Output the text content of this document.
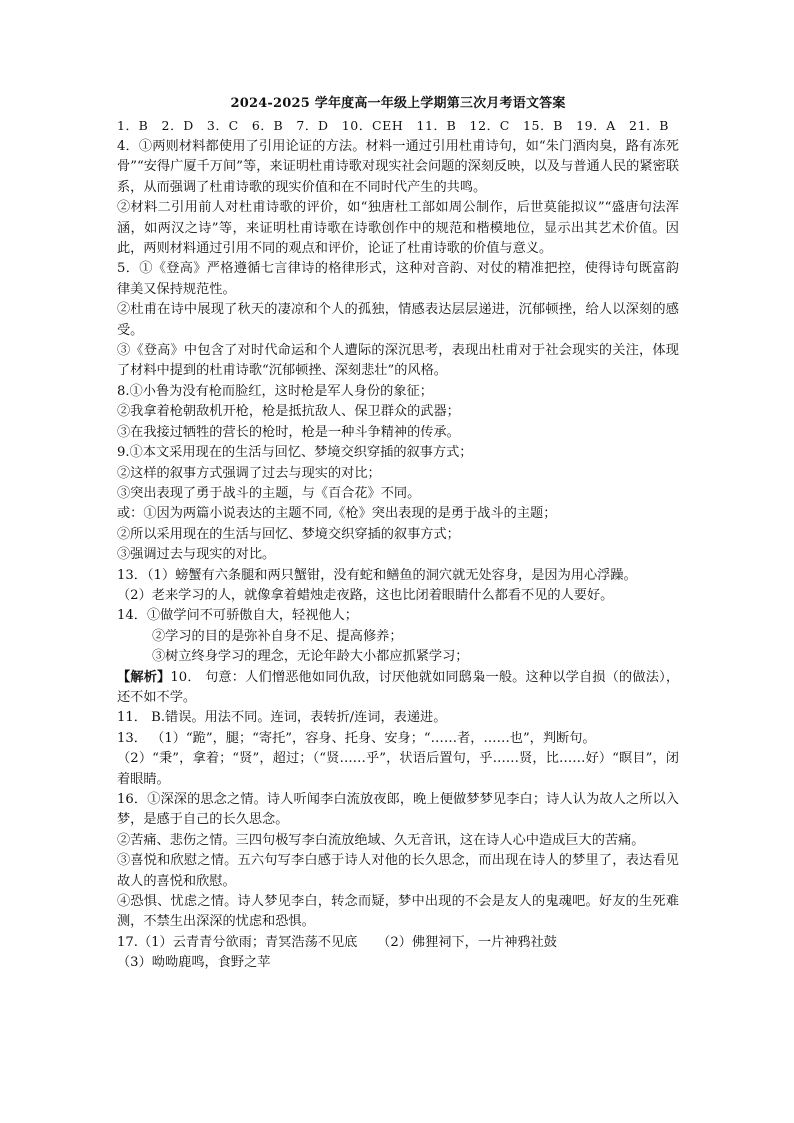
2024-2025 学年度高一年级上学期第三次月考语文答案
1．B　2．D　3．C　6．B　7．D　10．CEH　11．B　12．C　15．B　19．A　21．B

4．①两则材料都使用了引用论证的方法。材料一通过引用杜甫诗句，如“朱门酒肉臭，路有冻死骨”“安得广厦千万间”等，来证明杜甫诗歌对现实社会问题的深刻反映，以及与普通人民的紧密联系，从而强调了杜甫诗歌的现实价值和在不同时代产生的共鸣。

②材料二引用前人对杜甫诗歌的评价，如“独唐杜工部如周公制作，后世莫能拟议”“盛唐句法浑涵，如两汉之诗”等，来证明杜甫诗歌在诗歌创作中的规范和楷模地位，显示出其艺术价值。因此，两则材料通过引用不同的观点和评价，论证了杜甫诗歌的价值与意义。

5．①《登高》严格遵循七言律诗的格律形式，这种对音韵、对仗的精准把控，使得诗句既富韵律美又保持规范性。

②杜甫在诗中展现了秋天的凄凉和个人的孤独，情感表达层层递进，沉郁顿挫，给人以深刻的感受。

③《登高》中包含了对时代命运和个人遭际的深沉思考，表现出杜甫对于社会现实的关注，体现了材料中提到的杜甫诗歌“沉郁顿挫、深刻悲壮”的风格。

8.①小鲁为没有枪而脸红，这时枪是军人身份的象征；

②我拿着枪朝敌机开枪，枪是抵抗敌人、保卫群众的武器；

③在我接过牺牲的营长的枪时，枪是一种斗争精神的传承。

9.①本文采用现在的生活与回忆、梦境交织穿插的叙事方式；

②这样的叙事方式强调了过去与现实的对比；

③突出表现了勇于战斗的主题，与《百合花》不同。

或：①因为两篇小说表达的主题不同,《枪》突出表现的是勇于战斗的主题；

②所以采用现在的生活与回忆、梦境交织穿插的叙事方式；

③强调过去与现实的对比。

13．（1）螃蟹有六条腿和两只蟹钳，没有蛇和鳝鱼的洞穴就无处容身，是因为用心浮躁。

（2）老来学习的人，就像拿着蜡烛走夜路，这也比闭着眼睛什么都看不见的人要好。

14．①做学问不可骄傲自大，轻视他人；

②学习的目的是弥补自身不足、提高修养；

③树立终身学习的理念，无论年龄大小都应抓紧学习；

【解析】10． 句意：人们憎恶他如同仇敌，讨厌他就如同鸱枭一般。这种以学自损（的做法），还不如不学。

11． B.错误。用法不同。连词，表转折/连词，表递进。

13． （1）“跪”，腿；“寄托”，容身、托身、安身；“……者，……也”，判断句。

（2）“秉”，拿着；“贤”，超过；（“贤……乎”，状语后置句，乎……贤，比……好）“瞑目”，闭着眼睛。

16．①深深的思念之情。诗人听闻李白流放夜郎，晚上便做梦梦见李白；诗人认为故人之所以入梦，是感于自己的长久思念。

②苦痛、悲伤之情。三四句极写李白流放绝域、久无音讯，这在诗人心中造成巨大的苦痛。

③喜悦和欣慰之情。五六句写李白感于诗人对他的长久思念，而出现在诗人的梦里了，表达看见故人的喜悦和欣慰。

④恐惧、忧虑之情。诗人梦见李白，转念而疑，梦中出现的不会是友人的鬼魂吧。好友的生死难测，不禁生出深深的忧虑和恐惧。

17.（1）云青青兮欲雨；青冥浩荡不见底　　（2）佛狸祠下，一片神鸦社鼓

（3）呦呦鹿鸣，食野之苹
